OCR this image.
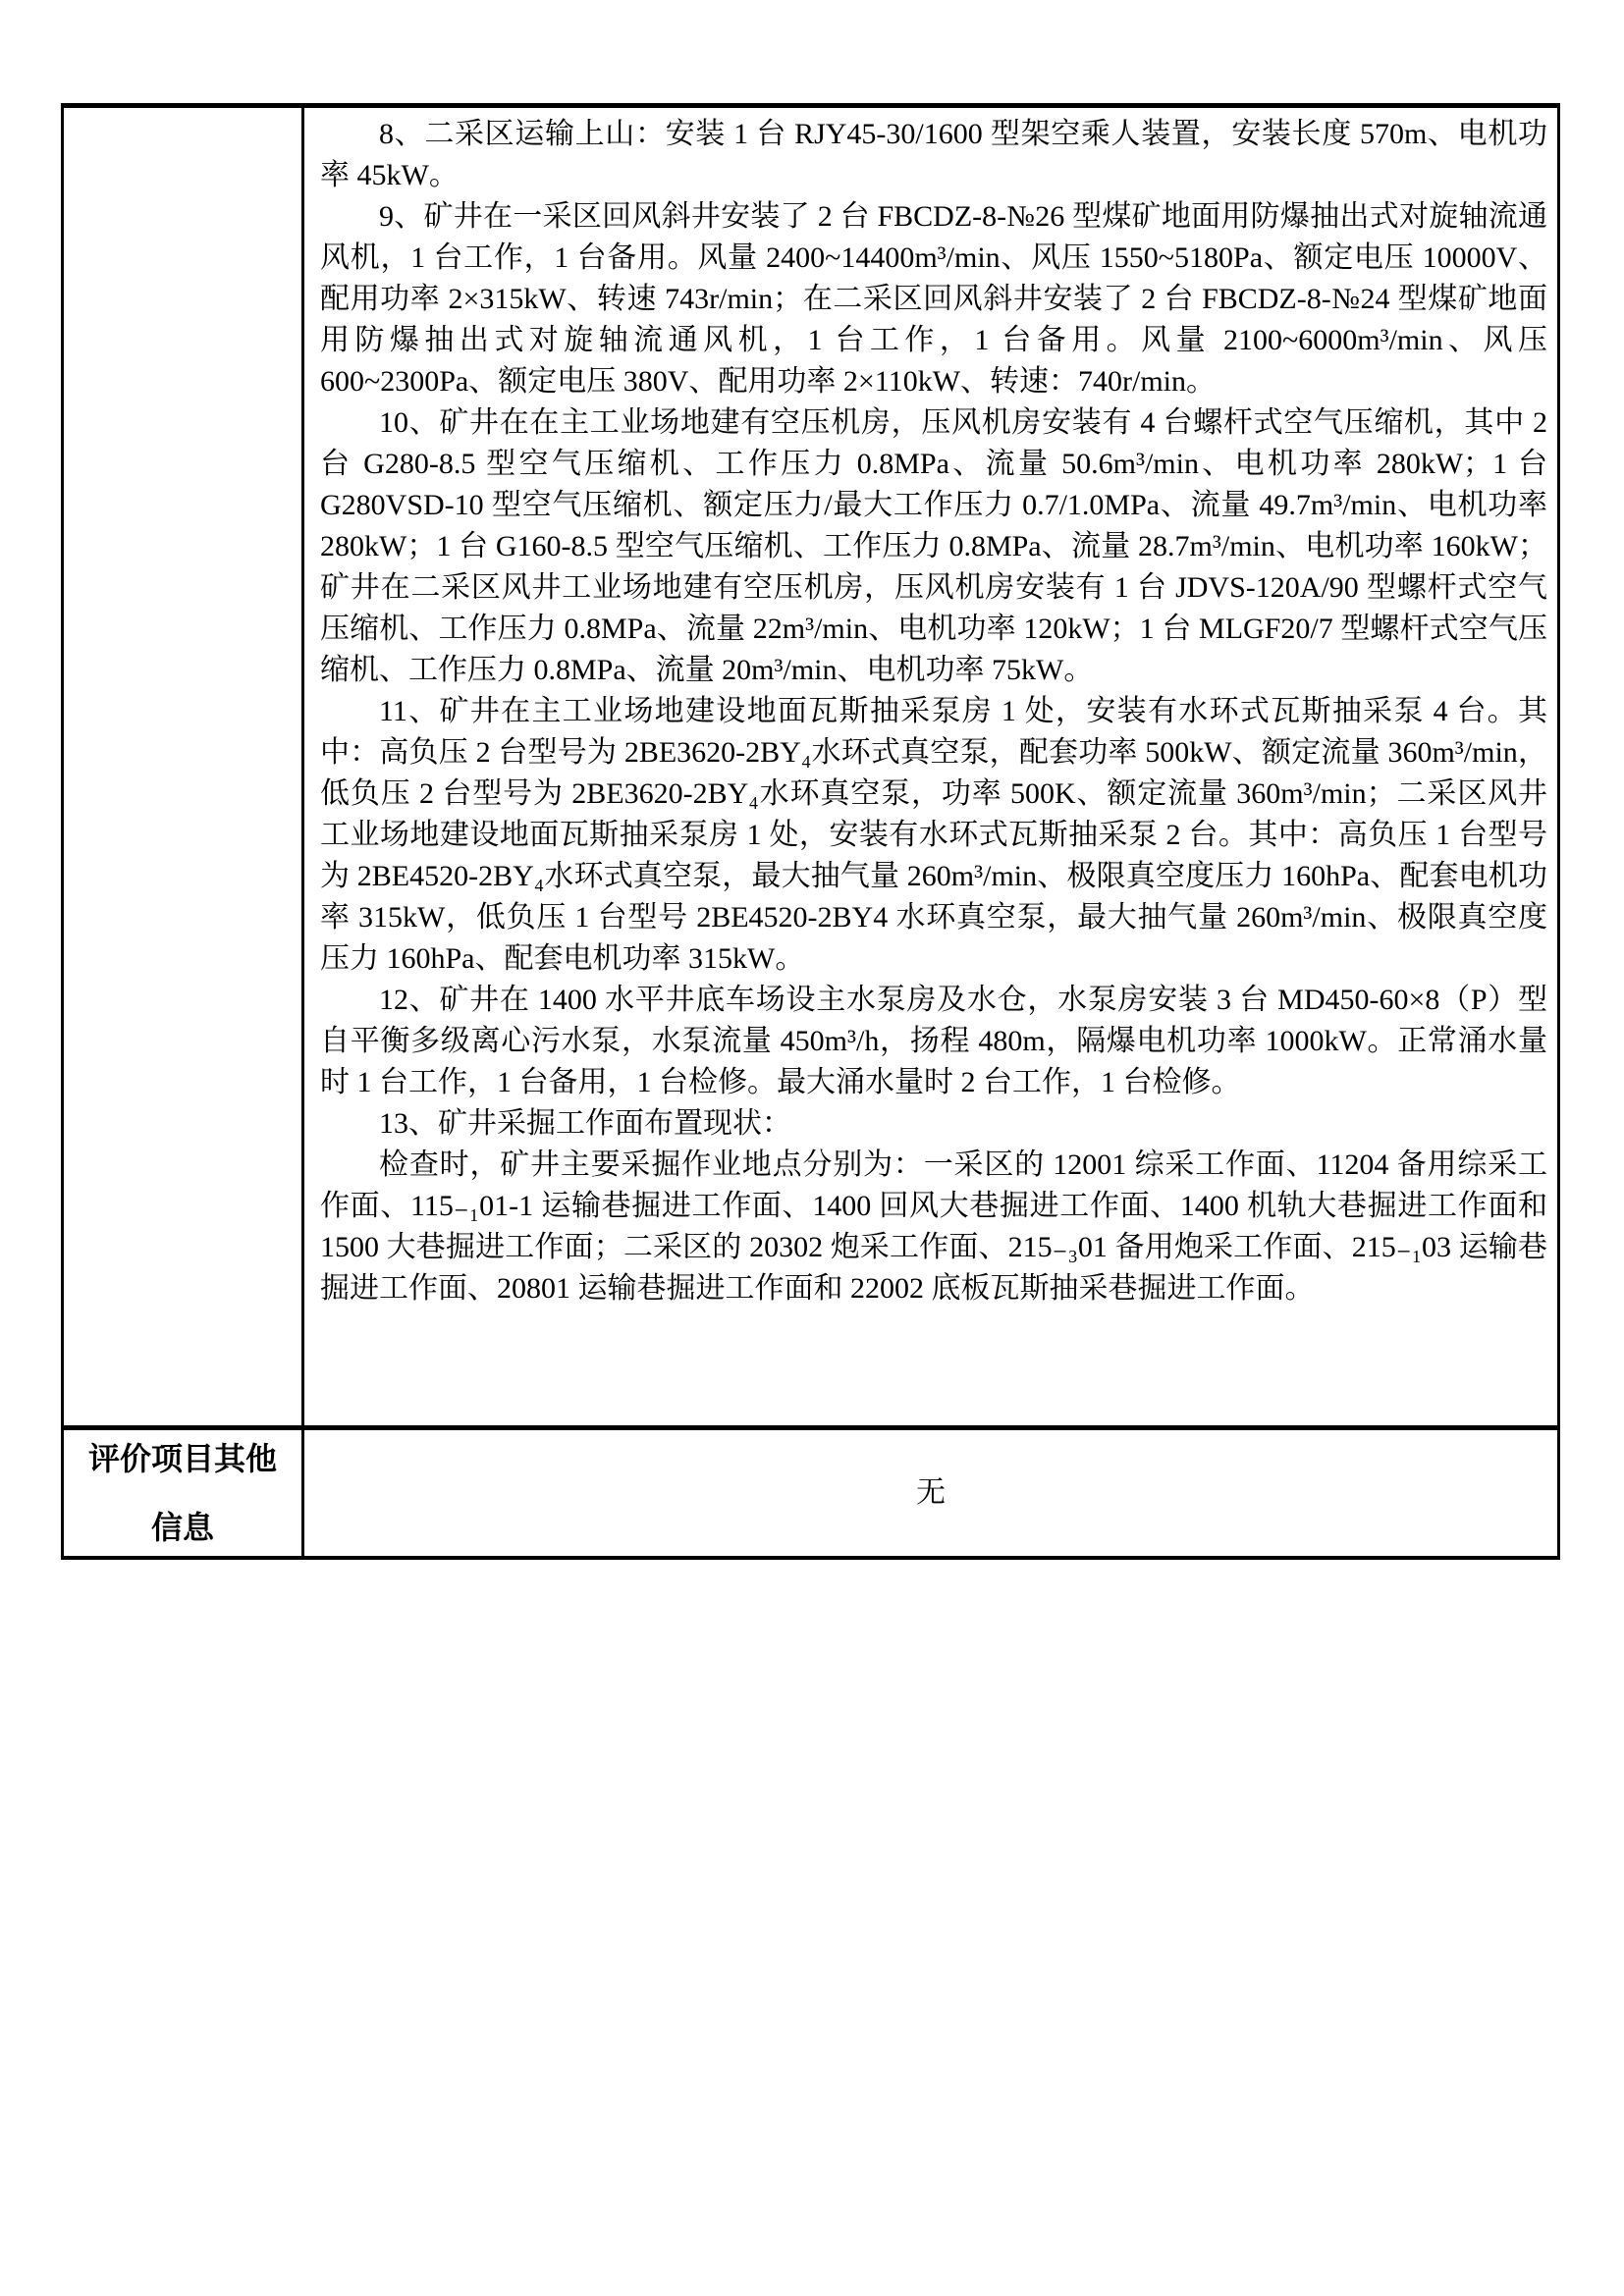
8、二采区运输上山：安装 1 台 RJY45-30/1600 型架空乘人装置，安装长度 570m、电机功率 45kW。

9、矿井在一采区回风斜井安装了 2 台 FBCDZ-8-№26 型煤矿地面用防爆抽出式对旋轴流通风机，1 台工作，1 台备用。风量 2400~14400m³/min、风压 1550~5180Pa、额定电压 10000V、配用功率 2×315kW、转速 743r/min；在二采区回风斜井安装了 2 台 FBCDZ-8-№24 型煤矿地面用防爆抽出式对旋轴流通风机，1 台工作，1 台备用。风量 2100~6000m³/min、风压 600~2300Pa、额定电压 380V、配用功率 2×110kW、转速：740r/min。

10、矿井在在主工业场地建有空压机房，压风机房安装有 4 台螺杆式空气压缩机，其中 2 台 G280-8.5 型空气压缩机、工作压力 0.8MPa、流量 50.6m³/min、电机功率 280kW；1 台 G280VSD-10 型空气压缩机、额定压力/最大工作压力 0.7/1.0MPa、流量 49.7m³/min、电机功率 280kW；1 台 G160-8.5 型空气压缩机、工作压力 0.8MPa、流量 28.7m³/min、电机功率 160kW；矿井在二采区风井工业场地建有空压机房，压风机房安装有 1 台 JDVS-120A/90 型螺杆式空气压缩机、工作压力 0.8MPa、流量 22m³/min、电机功率 120kW；1 台 MLGF20/7 型螺杆式空气压缩机、工作压力 0.8MPa、流量 20m³/min、电机功率 75kW。

11、矿井在主工业场地建设地面瓦斯抽采泵房 1 处，安装有水环式瓦斯抽采泵 4 台。其中：高负压 2 台型号为 2BE3620-2BY₄水环式真空泵，配套功率 500kW、额定流量 360m³/min，低负压 2 台型号为 2BE3620-2BY₄水环真空泵，功率 500K、额定流量 360m³/min；二采区风井工业场地建设地面瓦斯抽采泵房 1 处，安装有水环式瓦斯抽采泵 2 台。其中：高负压 1 台型号为 2BE4520-2BY₄水环式真空泵，最大抽气量 260m³/min、极限真空度压力 160hPa、配套电机功率 315kW，低负压 1 台型号 2BE4520-2BY4 水环真空泵，最大抽气量 260m³/min、极限真空度压力 160hPa、配套电机功率 315kW。

12、矿井在 1400 水平井底车场设主水泵房及水仓，水泵房安装 3 台 MD450-60×8（P）型自平衡多级离心污水泵，水泵流量 450m³/h，扬程 480m，隔爆电机功率 1000kW。正常涌水量时 1 台工作，1 台备用，1 台检修。最大涌水量时 2 台工作，1 台检修。

13、矿井采掘工作面布置现状：

检查时，矿井主要采掘作业地点分别为：一采区的 12001 综采工作面、11204 备用综采工作面、115₋₁01-1 运输巷掘进工作面、1400 回风大巷掘进工作面、1400 机轨大巷掘进工作面和 1500 大巷掘进工作面；二采区的 20302 炮采工作面、215₋₃01 备用炮采工作面、215₋₁03 运输巷掘进工作面、20801 运输巷掘进工作面和 22002 底板瓦斯抽采巷掘进工作面。

评价项目其他信息
无
